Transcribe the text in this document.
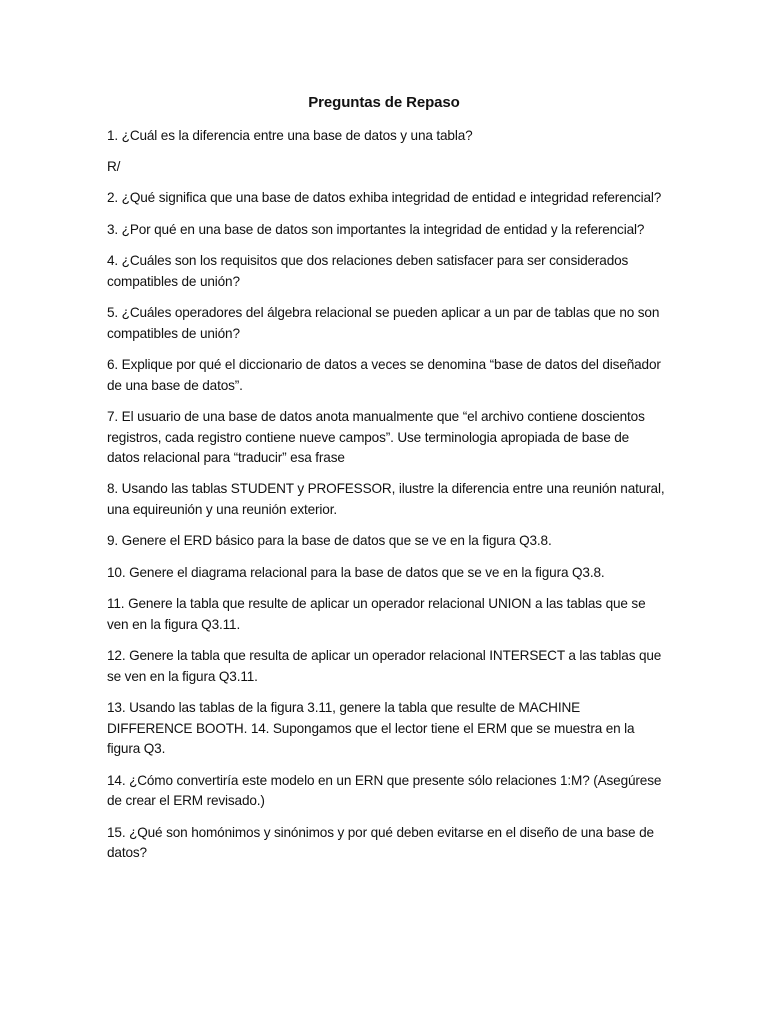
Preguntas de Repaso

1. ¿Cuál es la diferencia entre una base de datos y una tabla?

R/

2. ¿Qué significa que una base de datos exhiba integridad de entidad e integridad referencial?

3. ¿Por qué en una base de datos son importantes la integridad de entidad y la referencial?

4. ¿Cuáles son los requisitos que dos relaciones deben satisfacer para ser considerados compatibles de unión?

5. ¿Cuáles operadores del álgebra relacional se pueden aplicar a un par de tablas que no son compatibles de unión?

6. Explique por qué el diccionario de datos a veces se denomina “base de datos del diseñador de una base de datos”.

7. El usuario de una base de datos anota manualmente que “el archivo contiene doscientos registros, cada registro contiene nueve campos”. Use terminologia apropiada de base de datos relacional para “traducir” esa frase

8. Usando las tablas STUDENT y PROFESSOR, ilustre la diferencia entre una reunión natural, una equireunión y una reunión exterior.

9. Genere el ERD básico para la base de datos que se ve en la figura Q3.8.

10. Genere el diagrama relacional para la base de datos que se ve en la figura Q3.8.

11. Genere la tabla que resulte de aplicar un operador relacional UNION a las tablas que se ven en la figura Q3.11.

12. Genere la tabla que resulta de aplicar un operador relacional INTERSECT a las tablas que se ven en la figura Q3.11.

13. Usando las tablas de la figura 3.11, genere la tabla que resulte de MACHINE DIFFERENCE BOOTH. 14. Supongamos que el lector tiene el ERM que se muestra en la figura Q3.

14. ¿Cómo convertiría este modelo en un ERN que presente sólo relaciones 1:M? (Asegúrese de crear el ERM revisado.)

15. ¿Qué son homónimos y sinónimos y por qué deben evitarse en el diseño de una base de datos?
